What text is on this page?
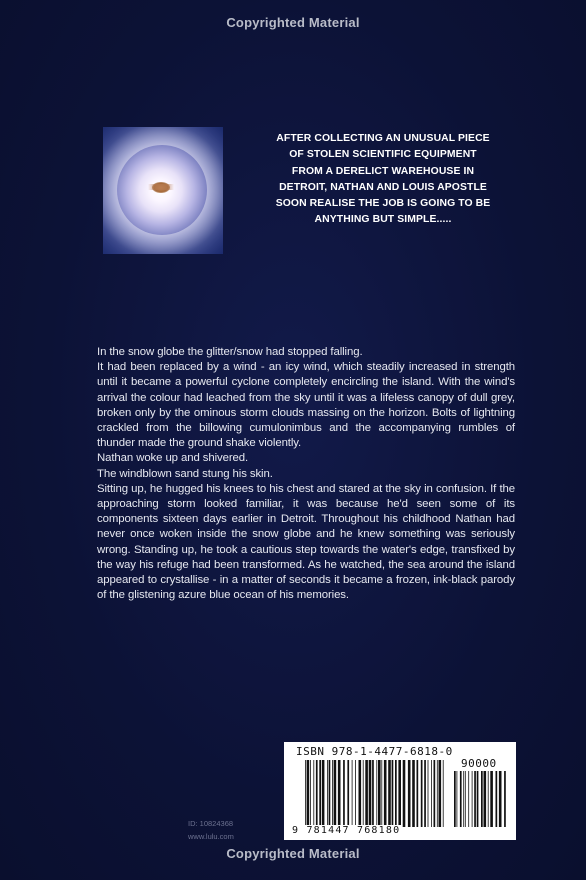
Copyrighted Material
AFTER COLLECTING AN UNUSUAL PIECE
OF STOLEN SCIENTIFIC EQUIPMENT
FROM A DERELICT WAREHOUSE IN
DETROIT, NATHAN AND LOUIS APOSTLE
SOON REALISE THE JOB IS GOING TO BE
ANYTHING BUT SIMPLE.....

In the snow globe the glitter/snow had stopped falling.

It had been replaced by a wind - an icy wind, which steadily increased in strength until it became a powerful cyclone completely encircling the island. With the wind's arrival the colour had leached from the sky until it was a lifeless canopy of dull grey, broken only by the ominous storm clouds massing on the horizon. Bolts of lightning crackled from the billowing cumulonimbus and the accompanying rumbles of thunder made the ground shake violently.

Nathan woke up and shivered.

The windblown sand stung his skin.

Sitting up, he hugged his knees to his chest and stared at the sky in confusion. If the approaching storm looked familiar, it was because he'd seen some of its components sixteen days earlier in Detroit. Throughout his childhood Nathan had never once woken inside the snow globe and he knew something was seriously wrong. Standing up, he took a cautious step towards the water's edge, transfixed by the way his refuge had been transformed. As he watched, the sea around the island appeared to crystallise - in a matter of seconds it became a frozen, ink-black parody of the glistening azure blue ocean of his memories.

ID: 10824368
www.lulu.com
ISBN 978-1-4477-6818-0
90000
9 781447 768180
Copyrighted Material
